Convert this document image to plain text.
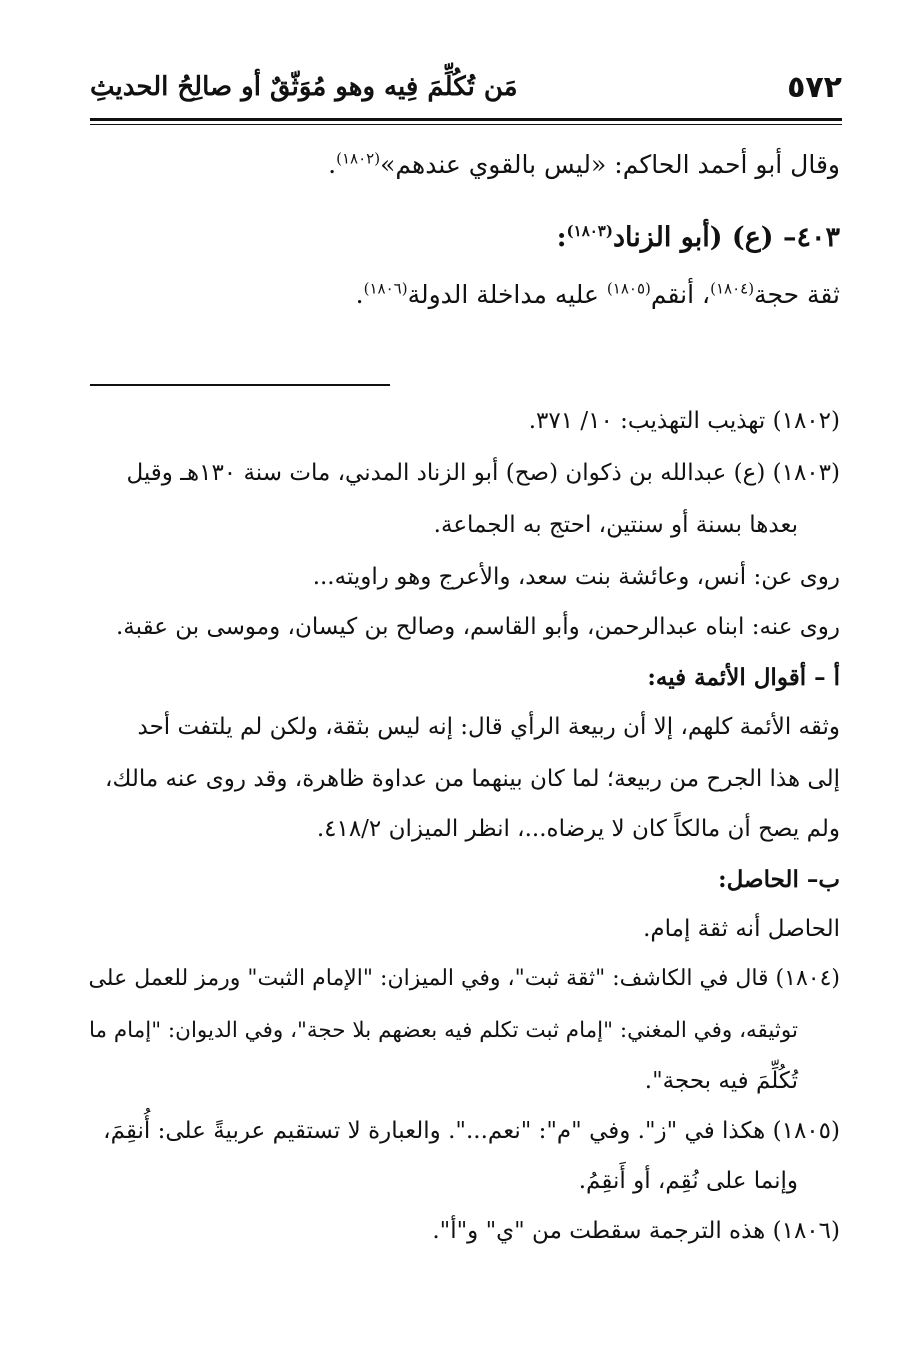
٥٧٢
مَن تُكُلِّمَ فِيه وهو مُوَثّقٌ أو صالِحُ الحديثِ
وقال أبو أحمد الحاكم: «ليس بالقوي عندهم»$^{(١٨٠٢)}$.
٤٠٣– (ع) (أبو الزناد$^{(١٨٠٣)}$:
ثقة حجة$^{(١٨٠٤)}$، أنقم$^{(١٨٠٥)}$ عليه مداخلة الدولة$^{(١٨٠٦)}$.
(١٨٠٢) تهذيب التهذيب: ١٠/ ٣٧١.
(١٨٠٣) (ع) عبدالله بن ذكوان (صح) أبو الزناد المدني، مات سنة ١٣٠هـ وقيل
بعدها بسنة أو سنتين، احتج به الجماعة.
روى عن: أنس، وعائشة بنت سعد، والأعرج وهو راويته...
روى عنه: ابناه عبدالرحمن، وأبو القاسم، وصالح بن كيسان، وموسى بن عقبة.
أ – أقوال الأئمة فيه:
وثقه الأئمة كلهم، إلا أن ربيعة الرأي قال: إنه ليس بثقة، ولكن لم يلتفت أحد
إلى هذا الجرح من ربيعة؛ لما كان بينهما من عداوة ظاهرة، وقد روى عنه مالك،
ولم يصح أن مالكاً كان لا يرضاه...، انظر الميزان ٤١٨/٢.
ب– الحاصل:
الحاصل أنه ثقة إمام.
(١٨٠٤) قال في الكاشف: "ثقة ثبت"، وفي الميزان: "الإمام الثبت" ورمز للعمل على
توثيقه، وفي المغني: "إمام ثبت تكلم فيه بعضهم بلا حجة"، وفي الديوان: "إمام ما
تُكُلِّمَ فيه بحجة".
(١٨٠٥) هكذا في "ز". وفي "م": "نعم...". والعبارة لا تستقيم عربيةً على: أُنقِمَ،
وإنما على نُقِم، أو أَنقِمُ.
(١٨٠٦) هذه الترجمة سقطت من "ي" و"أ".
